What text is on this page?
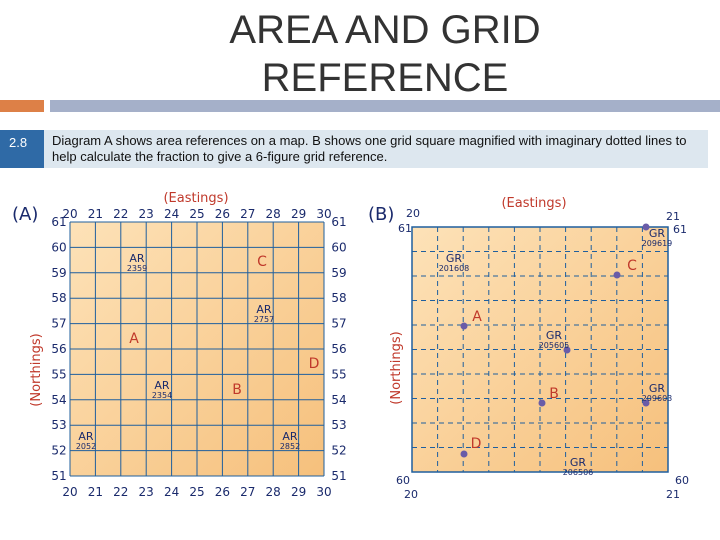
AREA AND GRID
REFERENCE
2.8	Diagram A shows area references on a map. B shows one grid square magnified with imaginary dotted lines to help calculate the fraction to give a 6-figure grid reference.
(A)
(Eastings)
(Northings)
20 21 22 23 24 25 26 27 28 29 30
20 21 22 23 24 25 26 27 28 29 30
61
60
59
58
57
56
55
54
53
52
51
61
60
59
58
57
56
55
54
53
52
51
A
B
C
D
AR
2359
AR
2757
AR
2354
AR
2052
AR
2852
(B)
(Eastings)
(Northings)
20
61
21
61
60
20
60
21
A
B
C
D
GR
201608
GR
209619
GR
205605
GR
209603
GR
206506
